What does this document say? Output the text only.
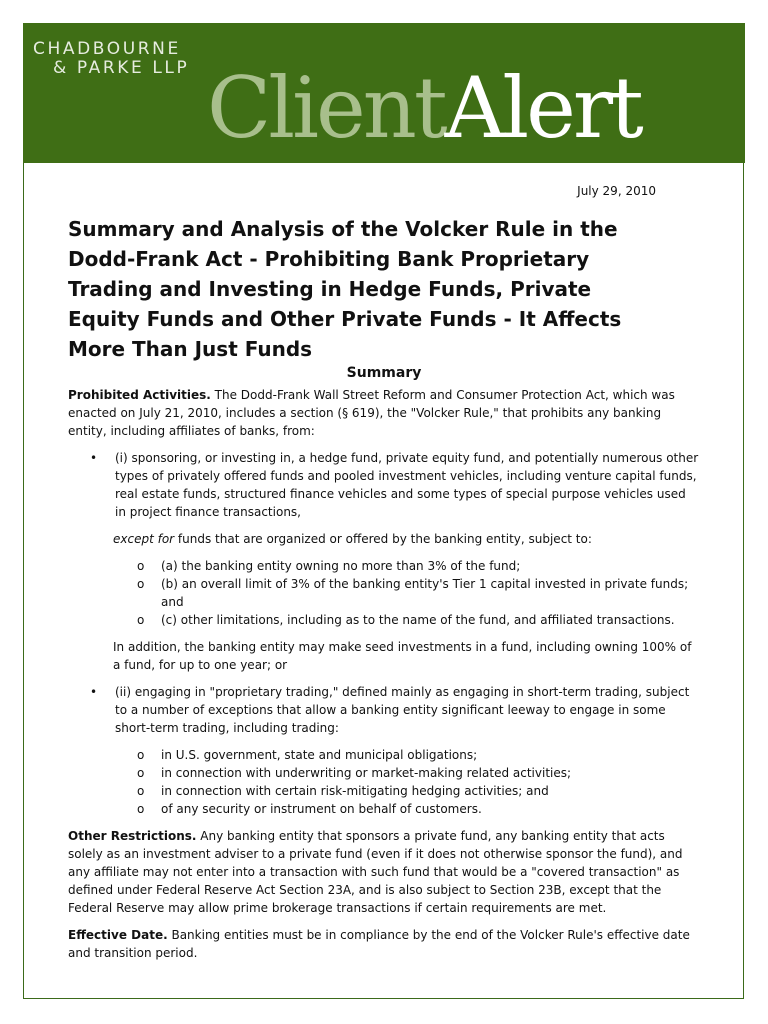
CHADBOURNE
& PARKE LLP ClientAlert
July 29, 2010
Summary and Analysis of the Volcker Rule in the Dodd-Frank Act - Prohibiting Bank Proprietary Trading and Investing in Hedge Funds, Private Equity Funds and Other Private Funds - It Affects More Than Just Funds
Summary

Prohibited Activities. The Dodd-Frank Wall Street Reform and Consumer Protection Act, which was enacted on July 21, 2010, includes a section (§ 619), the "Volcker Rule," that prohibits any banking entity, including affiliates of banks, from:

• (i) sponsoring, or investing in, a hedge fund, private equity fund, and potentially numerous other types of privately offered funds and pooled investment vehicles, including venture capital funds, real estate funds, structured finance vehicles and some types of special purpose vehicles used in project finance transactions,

except for funds that are organized or offered by the banking entity, subject to:

o (a) the banking entity owning no more than 3% of the fund;
o (b) an overall limit of 3% of the banking entity's Tier 1 capital invested in private funds; and
o (c) other limitations, including as to the name of the fund, and affiliated transactions.

In addition, the banking entity may make seed investments in a fund, including owning 100% of a fund, for up to one year; or

• (ii) engaging in "proprietary trading," defined mainly as engaging in short-term trading, subject to a number of exceptions that allow a banking entity significant leeway to engage in some short-term trading, including trading:
o in U.S. government, state and municipal obligations;
o in connection with underwriting or market-making related activities;
o in connection with certain risk-mitigating hedging activities; and
o of any security or instrument on behalf of customers.

Other Restrictions. Any banking entity that sponsors a private fund, any banking entity that acts solely as an investment adviser to a private fund (even if it does not otherwise sponsor the fund), and any affiliate may not enter into a transaction with such fund that would be a "covered transaction" as defined under Federal Reserve Act Section 23A, and is also subject to Section 23B, except that the Federal Reserve may allow prime brokerage transactions if certain requirements are met.

Effective Date. Banking entities must be in compliance by the end of the Volcker Rule's effective date and transition period.
